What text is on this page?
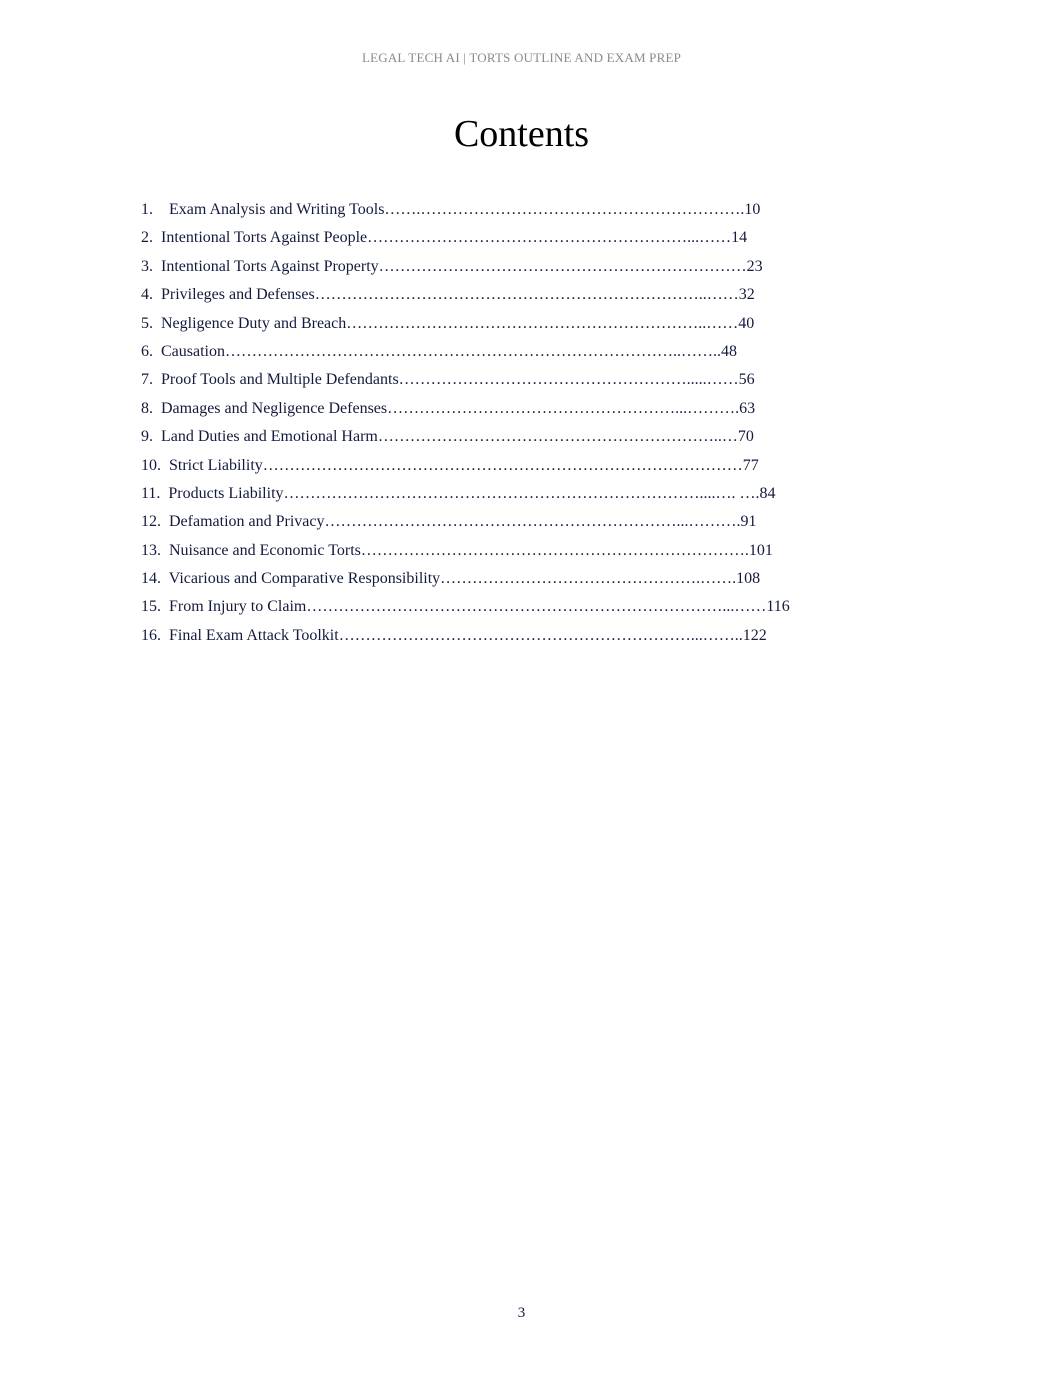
LEGAL TECH AI | TORTS OUTLINE AND EXAM PREP
Contents
1. Exam Analysis and Writing Tools…….…………………………………………………….10
2. Intentional Torts Against People……………………………………………………...……14
3. Intentional Torts Against Property……………………………………………………………23
4. Privileges and Defenses………………………………………………………………..……32
5. Negligence Duty and Breach…………………………………………………………..……40
6. Causation…………………………………………………………………………..……..48
7. Proof Tools and Multiple Defendants……………………………………………….....……56
8. Damages and Negligence Defenses………………………………………………...……….63
9. Land Duties and Emotional Harm………………………………………………………..…70
10. Strict Liability………………………………………………………………………………77
11. Products Liability……………………………………………………………………....…. ….84
12. Defamation and Privacy…………………………………………………………...……….91
13. Nuisance and Economic Torts……………………………………………………………….101
14. Vicarious and Comparative Responsibility………………………………………….…….108
15. From Injury to Claim……………………………………………………………………...……116
16. Final Exam Attack Toolkit…………………………………………………………...……..122
3
